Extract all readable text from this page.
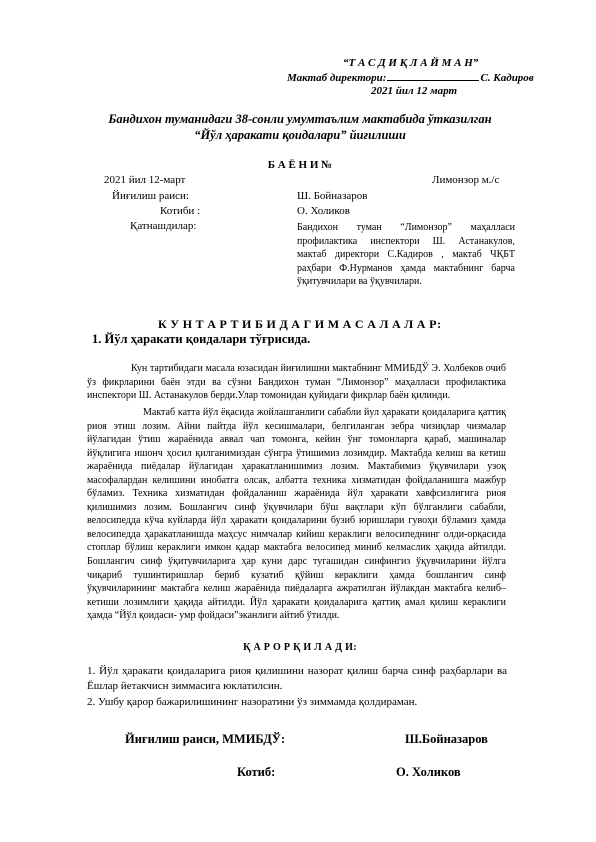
“Т А С Д И Қ Л А Й М А Н”
Мактаб директори:	С. Кадиров
2021 йил 12 март
Бандихон туманидаги 38-сонли умумтаълим мактабида ўтказилган
“Йўл ҳаракати қоидалари” йиғилиши
Б А Ё Н И №
2021 йил 12-март	Лимонзор м./с
Йиғилиш раиси:	Ш. Бойназаров
Котиби :	О. Холиков
Қатнашдилар:	Бандихон туман “Лимонзор” маҳалласи профилактика инспектори Ш. Астанакулов, мактаб директори С.Кадиров , мактаб ЧҚБТ раҳбари Ф.Нурманов ҳамда мактабнинг барча ўқитувчилари ва ўқувчилари.
К У Н Т А Р Т И Б И Д А Г И М А С А Л А Л А Р:
1. Йўл ҳаракати қоидалари тўғрисида.
Кун тартибидаги масала юзасидан йиғилишни мактабнинг ММИБДЎ Э. Холбеков очиб ўз фикрларини баён этди ва сўзни Бандихон туман “Лимонзор” маҳалласи профилактика инспектори Ш. Астанакулов берди.Улар томонидан қуйидаги фикрлар баён қилинди.
Мактаб катта йўл ёқасида жойлашганлиги сабабли йул ҳаракати қоидаларига қаттиқ риоя этиш лозим. Айни пайтда йўл кесишмалари, белгиланган зебра чизиқлар чизмалар йўлагидан ўтиш жараёнида аввал чап томонга, кейин ўнг томонларга қараб, машиналар йўқлигига ишонч ҳосил қилганимиздан сўнгра ўтишимиз лозимдир. Мактабда келиш ва кетиш жараёнида пиёдалар йўлагидан ҳаракатланишимиз лозим. Мактабимиз ўқувчилари узоқ масофалардан келишини инобатга олсак, албатта техника хизматидан фойдаланишга мажбур бўламиз. Техника хизматидан фойдаланиш жараёнида йўл ҳаракати хавфсизлигига риоя қилишимиз лозим. Бошлангич синф ўқувчилари бўш вақтлари кўп бўлганлиги сабабли, велосипедда кўча куйларда йўл ҳаракати қоидаларини бузиб юришлари гувоҳи бўламиз ҳамда велосипедда ҳаракатланишда маҳсус нимчалар кийиш кераклиги велосипеднинг олди-орқасида стоплар бўлиш кераклиги имкон қадар мактабга велосипед миниб келмаслик ҳақида айтилди. Бошлангич синф ўқитувчиларига ҳар куни дарс тугашидан синфингиз ўқувчиларини йўлга чиқариб тушинтиришлар бериб кузатиб қўйиш кераклиги ҳамда бошлангич синф ўқувчиларининг мактабга келиш жараёнида пиёдаларга ажратилган йўлакдан мактабга келиб–кетиши лозимлиги ҳақида айтилди. Йўл ҳаракати қоидаларига қаттиқ амал қилиш кераклиги ҳамда “Йўл қоидаси- умр фойдаси”эканлиги айтиб ўтилди.
Қ А Р О Р Қ И Л А Д И:
1. Йўл ҳаракати қоидаларига риоя қилишини назорат қилиш барча синф раҳбарлари ва Ёшлар йетакчисн зиммасига юклатилсин.
2. Ушбу қарор бажарилишининг назоратини ўз зиммамда қолдираман.
Йиғилиш раиси, ММИБДЎ:	Ш.Бойназаров
Котиб:	О. Холиков
